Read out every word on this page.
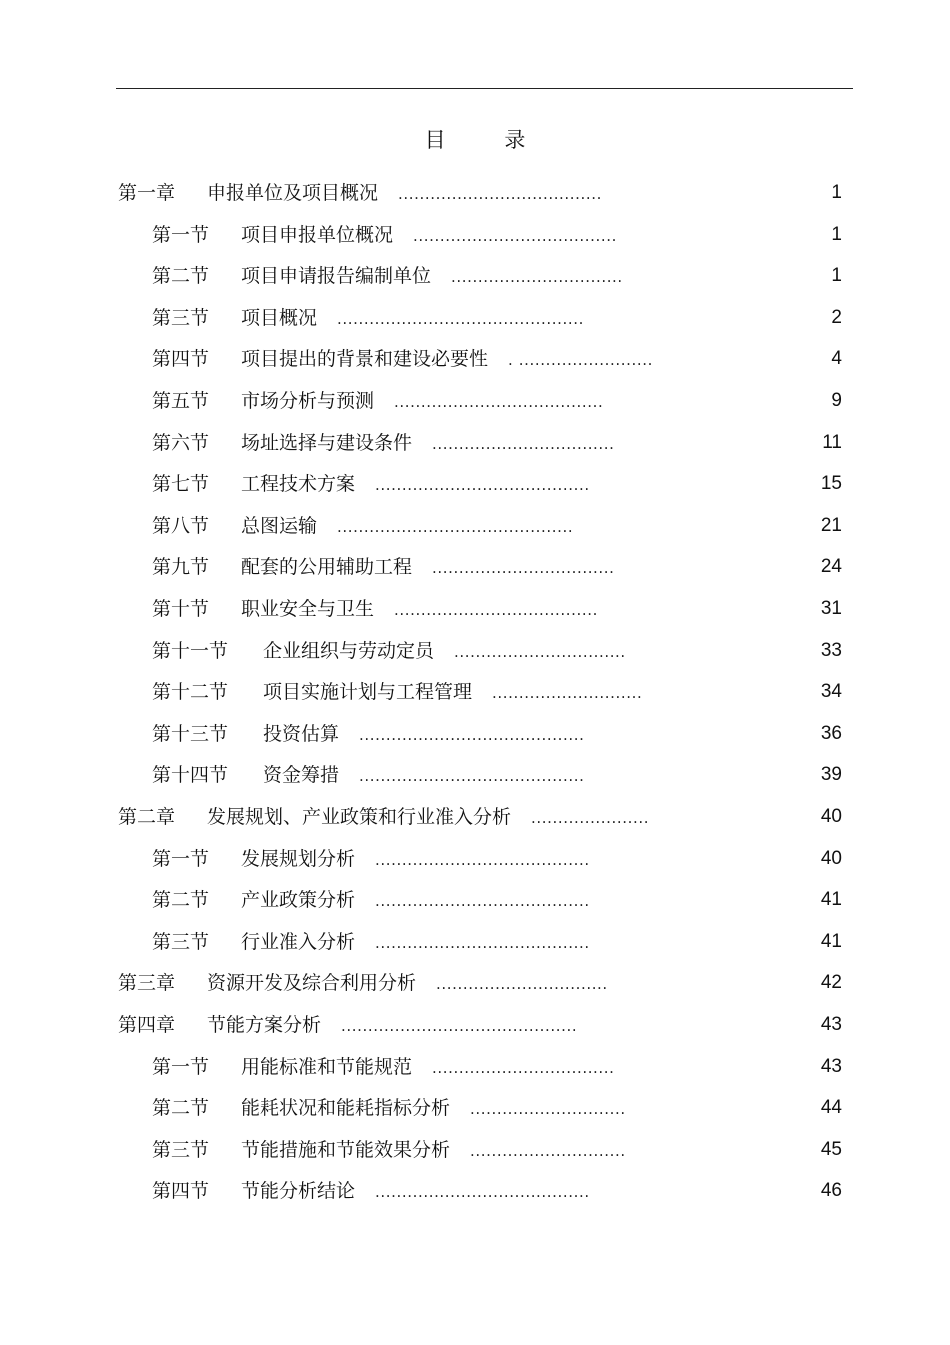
目 录
第一章 申报单位及项目概况 ......................................	1
第一节 项目申报单位概况 ......................................	1
第二节 项目申请报告编制单位 ................................	1
第三节 项目概况 ..............................................	2
第四节 项目提出的背景和建设必要性 . .........................	4
第五节 市场分析与预测 .......................................	9
第六节 场址选择与建设条件 ..................................	11
第七节 工程技术方案 ........................................	15
第八节 总图运输 ............................................	21
第九节 配套的公用辅助工程 ..................................	24
第十节 职业安全与卫生 ......................................	31
第十一节 企业组织与劳动定员 ................................	33
第十二节 项目实施计划与工程管理 ............................	34
第十三节 投资估算 ..........................................	36
第十四节 资金筹措 ..........................................	39
第二章 发展规划、产业政策和行业准入分析 ......................	40
第一节 发展规划分析 ........................................	40
第二节 产业政策分析 ........................................	41
第三节 行业准入分析 ........................................	41
第三章 资源开发及综合利用分析 ................................	42
第四章 节能方案分析 ............................................	43
第一节 用能标准和节能规范 ..................................	43
第二节 能耗状况和能耗指标分析 .............................	44
第三节 节能措施和节能效果分析 .............................	45
第四节 节能分析结论 ........................................	46
